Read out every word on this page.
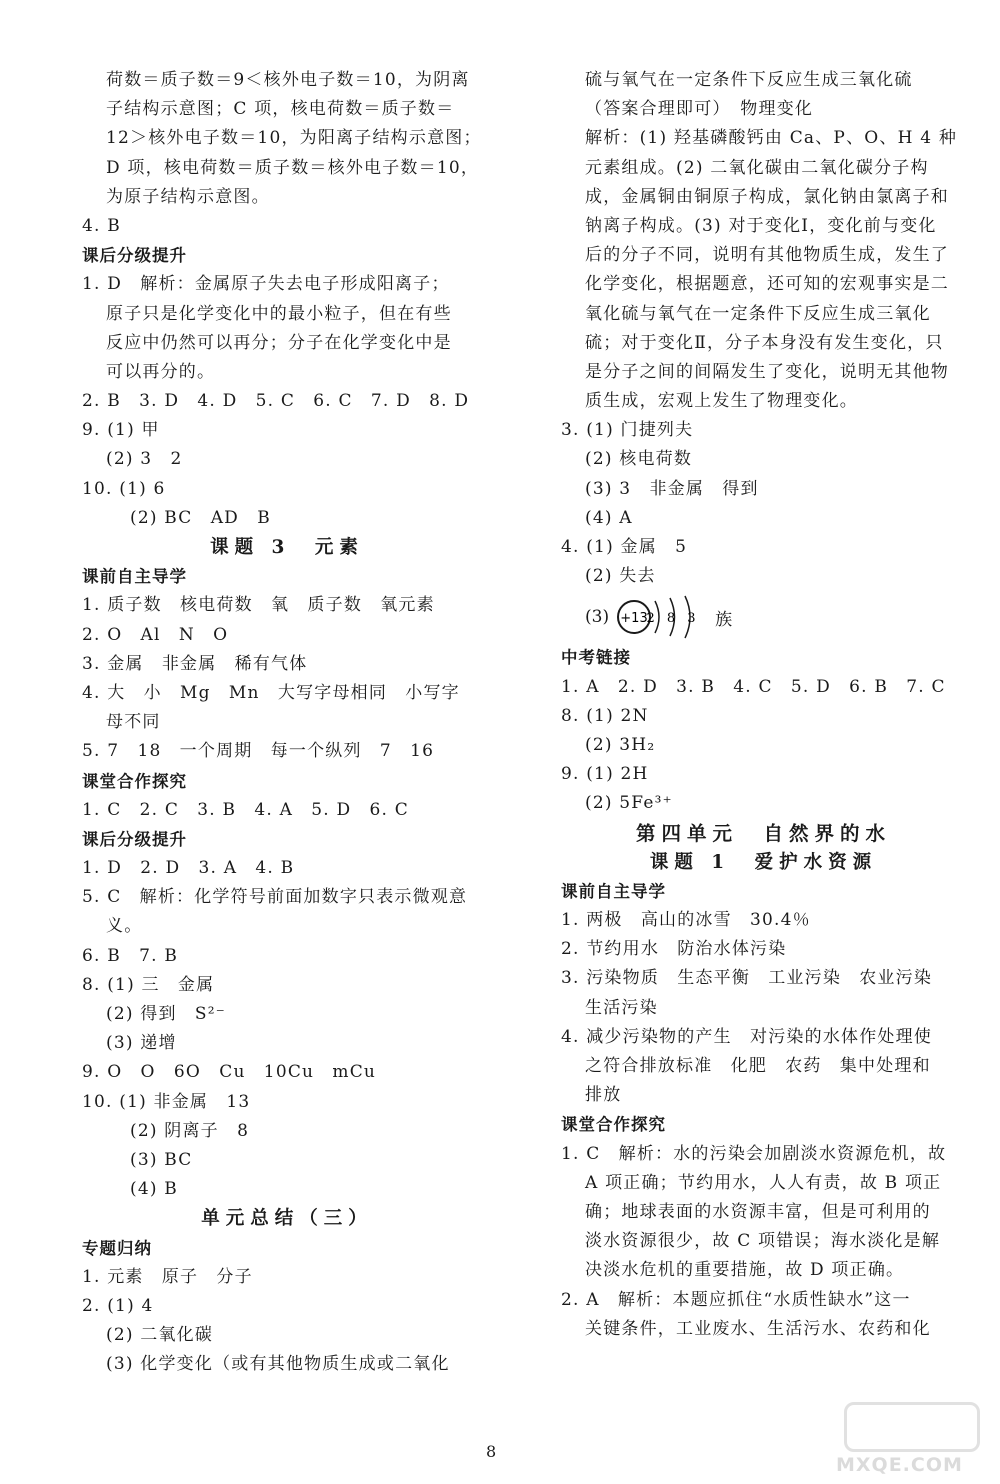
荷数＝质子数＝9＜核外电子数＝10，为阴离
子结构示意图；C 项，核电荷数＝质子数＝
12＞核外电子数＝10，为阳离子结构示意图；
D 项，核电荷数＝质子数＝核外电子数＝10，
为原子结构示意图。
4. B
课后分级提升
1. D　解析：金属原子失去电子形成阳离子；
原子只是化学变化中的最小粒子，但在有些
反应中仍然可以再分；分子在化学变化中是
可以再分的。
2. B　3. D　4. D　5. C　6. C　7. D　8. D
9. (1) 甲
(2) 3　2
10. (1) 6
(2) BC　AD　B
课题 3　元素
课前自主导学
1. 质子数　核电荷数　氧　质子数　氧元素
2. O　Al　N　O
3. 金属　非金属　稀有气体
4. 大　小　Mg　Mn　大写字母相同　小写字
母不同
5. 7　18　一个周期　每一个纵列　7　16
课堂合作探究
1. C　2. C　3. B　4. A　5. D　6. C
课后分级提升
1. D　2. D　3. A　4. B
5. C　解析：化学符号前面加数字只表示微观意
义。
6. B　7. B
8. (1) 三　金属
(2) 得到　S²⁻
(3) 递增
9. O　O　6O　Cu　10Cu　mCu
10. (1) 非金属　13
(2) 阴离子　8
(3) BC
(4) B
单元总结（三）
专题归纳
1. 元素　原子　分子
2. (1) 4
(2) 二氧化碳
(3) 化学变化（或有其他物质生成或二氧化
硫与氧气在一定条件下反应生成三氧化硫
（答案合理即可）　物理变化
解析：(1) 羟基磷酸钙由 Ca、P、O、H 4 种
元素组成。(2) 二氧化碳由二氧化碳分子构
成，金属铜由铜原子构成，氯化钠由氯离子和
钠离子构成。(3) 对于变化Ⅰ，变化前与变化
后的分子不同，说明有其他物质生成，发生了
化学变化，根据题意，还可知的宏观事实是二
氧化硫与氧气在一定条件下反应生成三氧化
硫；对于变化Ⅱ，分子本身没有发生变化，只
是分子之间的间隔发生了变化，说明无其他物
质生成，宏观上发生了物理变化。
3. (1) 门捷列夫
(2) 核电荷数
(3) 3　非金属　得到
(4) A
4. (1) 金属　5
(2) 失去
(3) +13
2 8 3 族
中考链接
1. A　2. D　3. B　4. C　5. D　6. B　7. C
8. (1) 2N
(2) 3H₂
9. (1) 2H
(2) 5Fe³⁺
第四单元　自然界的水
课题 1　爱护水资源
课前自主导学
1. 两极　高山的冰雪　30.4％
2. 节约用水　防治水体污染
3. 污染物质　生态平衡　工业污染　农业污染
生活污染
4. 减少污染物的产生　对污染的水体作处理使
之符合排放标准　化肥　农药　集中处理和
排放
课堂合作探究
1. C　解析：水的污染会加剧淡水资源危机，故
A 项正确；节约用水，人人有责，故 B 项正
确；地球表面的水资源丰富，但是可利用的
淡水资源很少，故 C 项错误；海水淡化是解
决淡水危机的重要措施，故 D 项正确。
2. A　解析：本题应抓住“水质性缺水”这一
关键条件，工业废水、生活污水、农药和化
8
MXQE.COM
